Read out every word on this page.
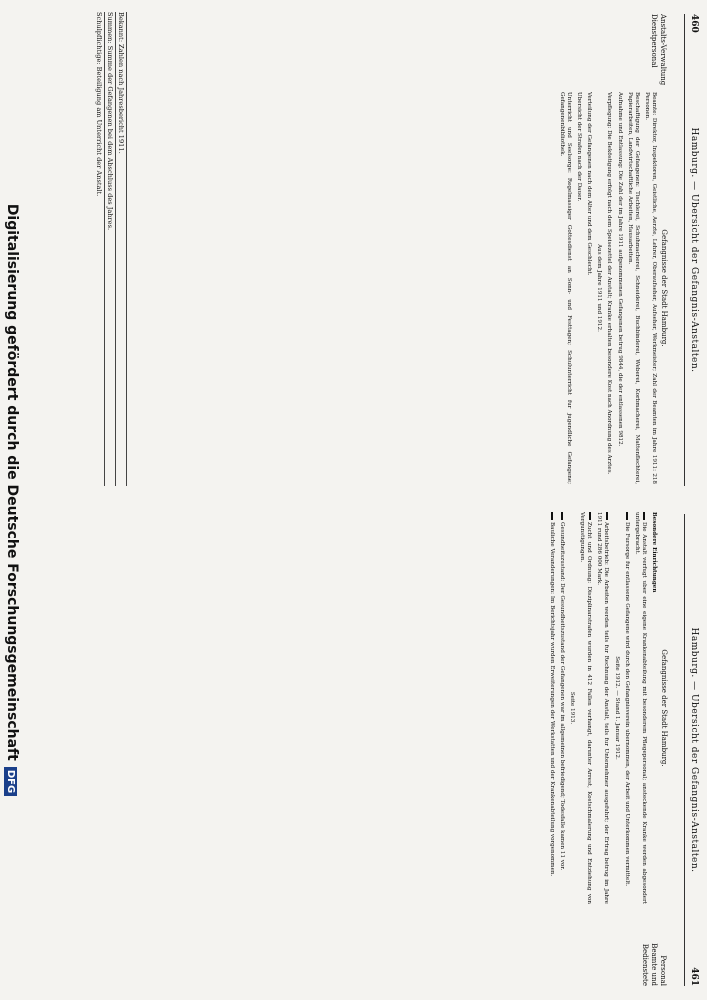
460
Hamburg. — Ubersicht der Gefangnis-Anstalten.
Anstalts-Verwaltung
Dienstpersonal

Gefangnisse der Stadt Hamburg.

Beamte: Direktor, Inspektoren, Geistliche, Aerzte, Lehrer, Oberaufseher, Aufseher, Werkmeister; Zahl der Beamten im Jahre 1911: 218 Personen.

Beschaftigung der Gefangenen: Tischlerei, Schuhmacherei, Schneiderei, Buchbinderei, Weberei, Korbmacherei, Mattenflechterei, Papierarbeiten, Landwirtschaftliche Arbeiten, Hausarbeiten.

Aufnahme und Entlassung: Die Zahl der im Jahre 1911 aufgenommenen Gefangenen betrug 9844, die der entlassenen 9812.

Verpflegung: Die Beköstigung erfolgt nach dem Speisezettel der Anstalt; Kranke erhalten besondere Kost nach Anordnung des Arztes.

Aus dem Jahre 1911 und 1912.

Verteilung der Gefangenen nach dem Alter und dem Geschlecht.

Ubersicht der Strafen nach der Dauer.

Unterricht und Seelsorge: Regelmassiger Gottesdienst an Sonn- und Festtagen; Schulunterricht fur jugendliche Gefangene; Gefangenenbibliothek.

Bekannt: Zahlen nach Jahresbericht 1911.
Summen: Summe der Gefangenen bei dem Abschluss des Jahres.
Schulpflichtige: Beteiligung am Unterricht der Anstalt.
Hamburg. — Ubersicht der Gefangnis-Anstalten.
461

Gefangnisse der Stadt Hamburg.

Besondere Einrichtungen

Die Anstalt verfugt uber eine eigene Krankenabteilung mit besonderem Pflegepersonal; ansteckende Kranke werden abgesondert untergebracht.

Die Fursorge fur entlassene Gefangene wird durch den Gefangnisverein ubernommen, der Arbeit und Unterkommen vermittelt.

Seite 1912. — Stand 1. Januar 1912.

Arbeitsbetrieb: Die Arbeiten werden teils fur Rechnung der Anstalt, teils fur Unternehmer ausgefuhrt; der Ertrag betrug im Jahre 1911 rund 286 000 Mark.

Zucht und Ordnung: Disziplinarstrafen wurden in 412 Fallen verhangt, darunter Arrest, Kostschmalerung und Entziehung von Vergunstigungen.

Seite 1913.

Gesundheitszustand: Der Gesundheitszustand der Gefangenen war im allgemeinen befriedigend; Todesfalle kamen 11 vor.

Bauliche Veranderungen: Im Berichtsjahr wurden Erweiterungen der Werkstatten und der Krankenabteilung vorgenommen.

Personal
Beamte und Bedienstete
Digitalisierung gefördert durch die Deutsche ForschungsgemeinschaftDFG
